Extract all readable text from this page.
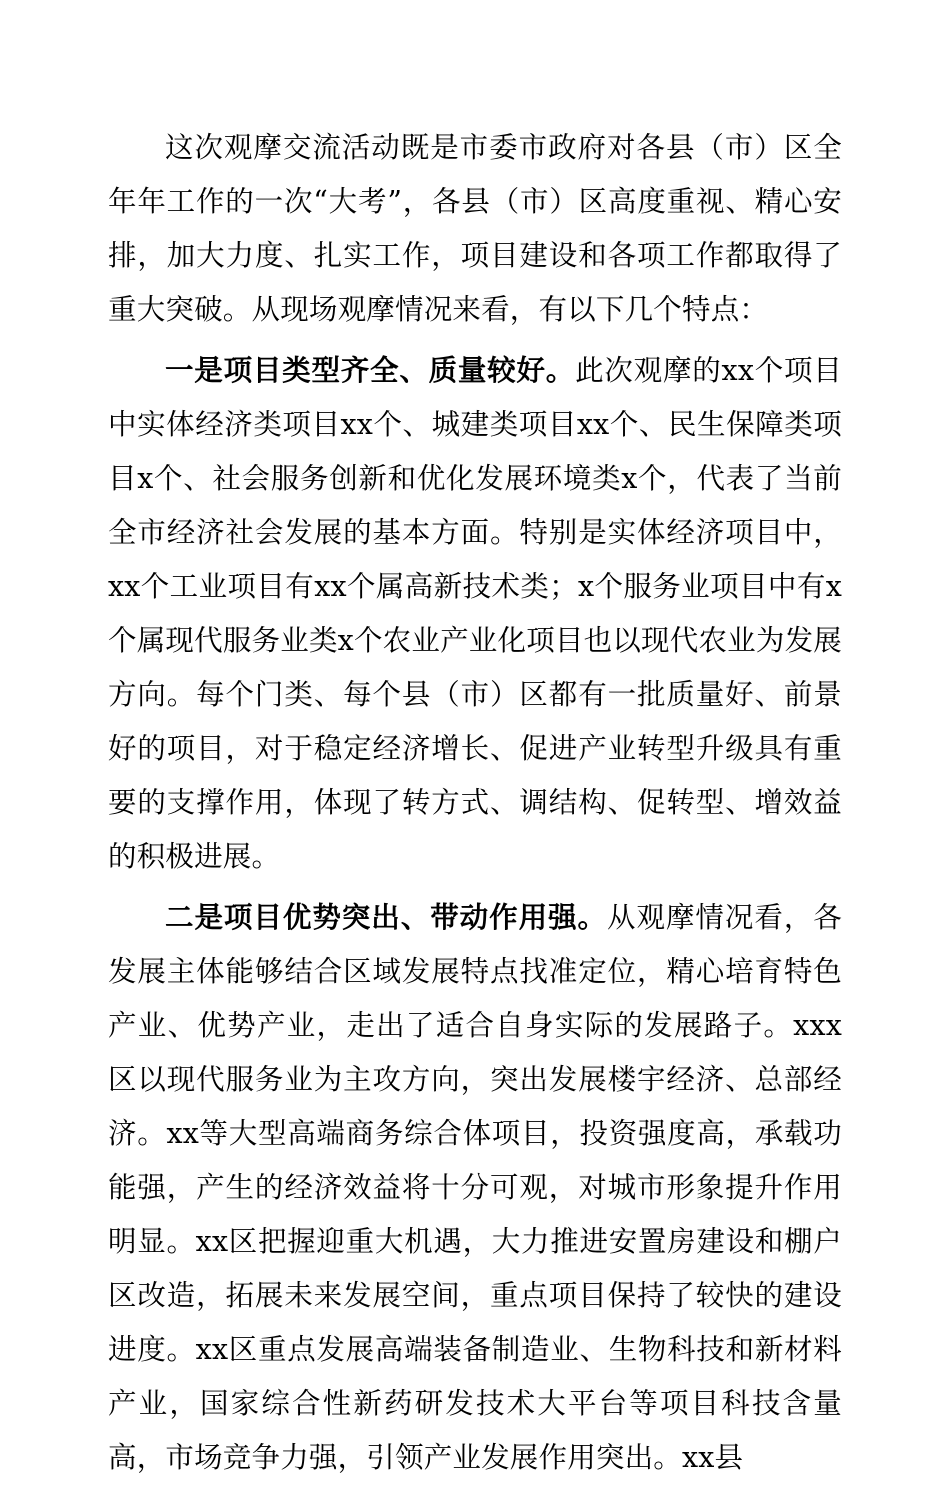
这次观摩交流活动既是市委市政府对各县（市）区全年年工作的一次“大考”，各县（市）区高度重视、精心安排，加大力度、扎实工作，项目建设和各项工作都取得了重大突破。从现场观摩情况来看，有以下几个特点：

一是项目类型齐全、质量较好。此次观摩的xx个项目中实体经济类项目xx个、城建类项目xx个、民生保障类项目x个、社会服务创新和优化发展环境类x个，代表了当前全市经济社会发展的基本方面。特别是实体经济项目中，xx个工业项目有xx个属高新技术类；x个服务业项目中有x个属现代服务业类x个农业产业化项目也以现代农业为发展方向。每个门类、每个县（市）区都有一批质量好、前景好的项目，对于稳定经济增长、促进产业转型升级具有重要的支撑作用，体现了转方式、调结构、促转型、增效益的积极进展。

二是项目优势突出、带动作用强。从观摩情况看，各发展主体能够结合区域发展特点找准定位，精心培育特色产业、优势产业，走出了适合自身实际的发展路子。xxx区以现代服务业为主攻方向，突出发展楼宇经济、总部经济。xx等大型高端商务综合体项目，投资强度高，承载功能强，产生的经济效益将十分可观，对城市形象提升作用明显。xx区把握迎重大机遇，大力推进安置房建设和棚户区改造，拓展未来发展空间，重点项目保持了较快的建设进度。xx区重点发展高端装备制造业、生物科技和新材料产业，国家综合性新药研发技术大平台等项目科技含量高，市场竞争力强，引领产业发展作用突出。xx县
